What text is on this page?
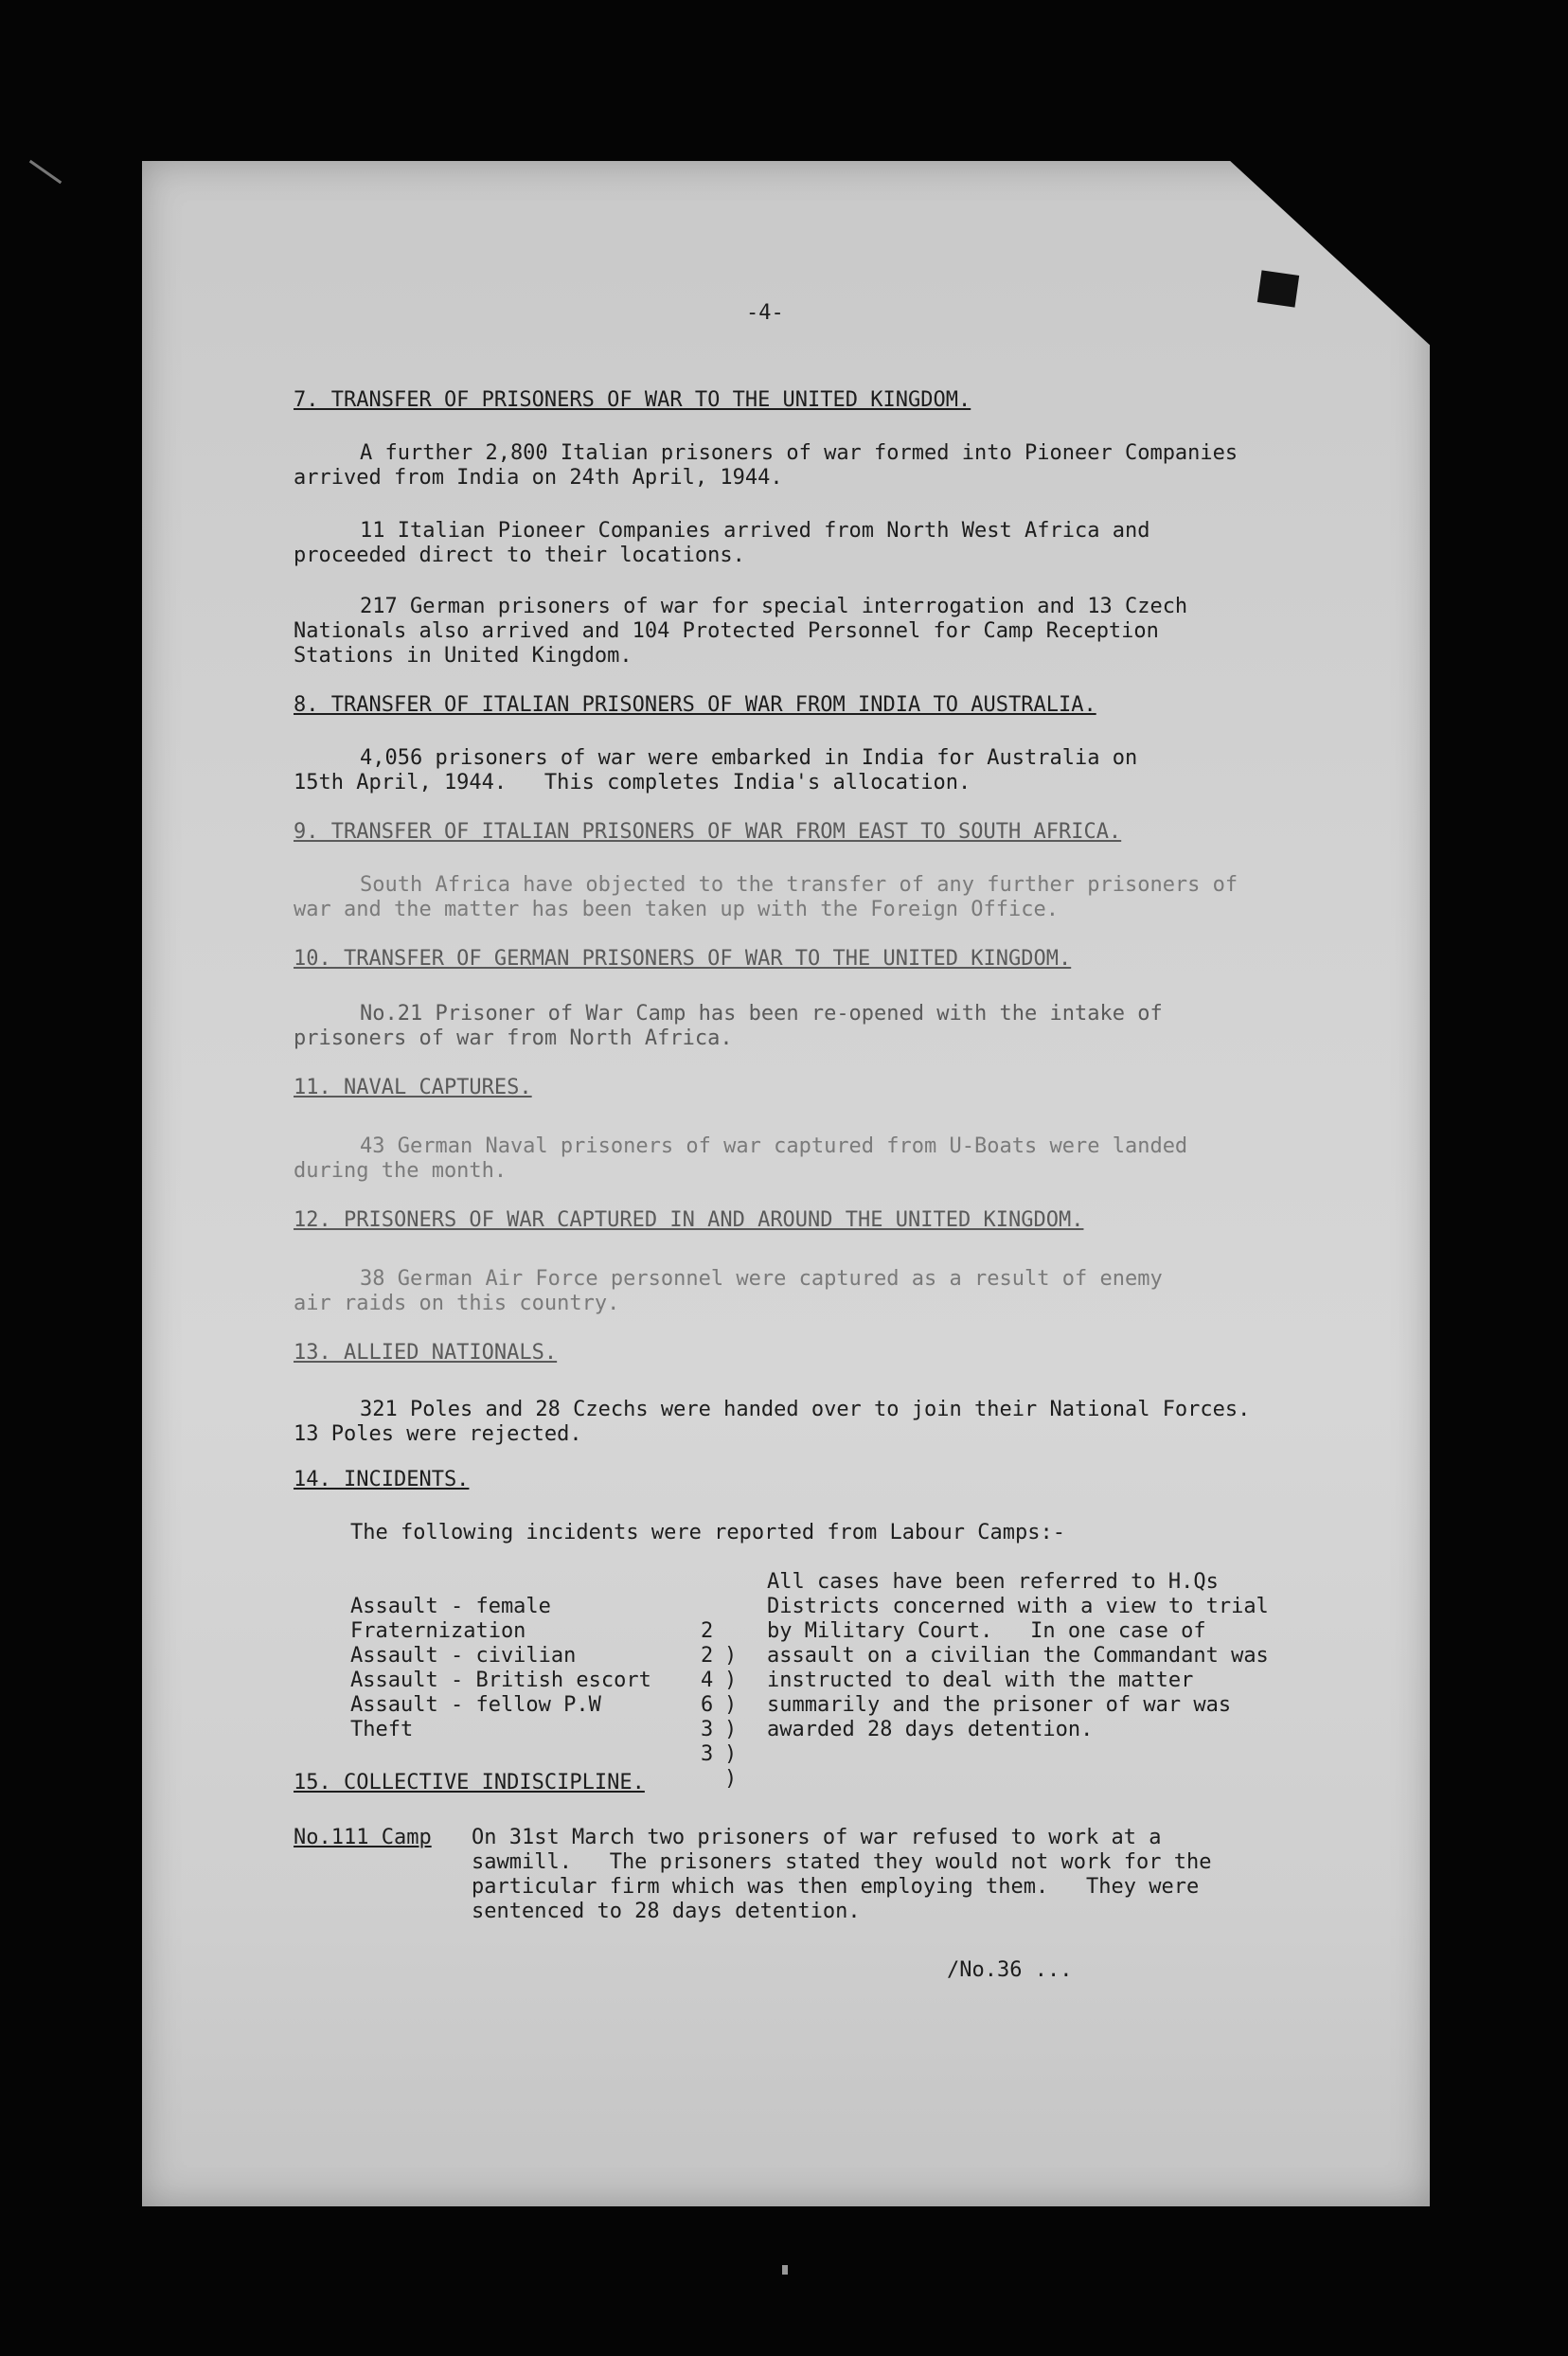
-4-
7. TRANSFER OF PRISONERS OF WAR TO THE UNITED KINGDOM.
A further 2,800 Italian prisoners of war formed into Pioneer Companies
arrived from India on 24th April, 1944.
11 Italian Pioneer Companies arrived from North West Africa and
proceeded direct to their locations.
217 German prisoners of war for special interrogation and 13 Czech
Nationals also arrived and 104 Protected Personnel for Camp Reception
Stations in United Kingdom.
8. TRANSFER OF ITALIAN PRISONERS OF WAR FROM INDIA TO AUSTRALIA.
4,056 prisoners of war were embarked in India for Australia on
15th April, 1944.   This completes India's allocation.
9. TRANSFER OF ITALIAN PRISONERS OF WAR FROM EAST TO SOUTH AFRICA.
South Africa have objected to the transfer of any further prisoners of
war and the matter has been taken up with the Foreign Office.
10. TRANSFER OF GERMAN PRISONERS OF WAR TO THE UNITED KINGDOM.
No.21 Prisoner of War Camp has been re-opened with the intake of
prisoners of war from North Africa.
11. NAVAL CAPTURES.
43 German Naval prisoners of war captured from U-Boats were landed
during the month.
12. PRISONERS OF WAR CAPTURED IN AND AROUND THE UNITED KINGDOM.
38 German Air Force personnel were captured as a result of enemy
air raids on this country.
13. ALLIED NATIONALS.
321 Poles and 28 Czechs were handed over to join their National Forces.
13 Poles were rejected.
14. INCIDENTS.
The following incidents were reported from Labour Camps:-

Assault - female

2

)

Fraternization

2

)

Assault - civilian

4

)

Assault - British escort

6

)

Assault - fellow P.W

3

)

Theft

3

)

All cases have been referred to H.Qs
Districts concerned with a view to trial
by Military Court.   In one case of
assault on a civilian the Commandant was
instructed to deal with the matter
summarily and the prisoner of war was
awarded 28 days detention.
15. COLLECTIVE INDISCIPLINE.
No.111 Camp On 31st March two prisoners of war refused to work at a
sawmill.   The prisoners stated they would not work for the
particular firm which was then employing them.   They were
sentenced to 28 days detention.
/No.36 ...
